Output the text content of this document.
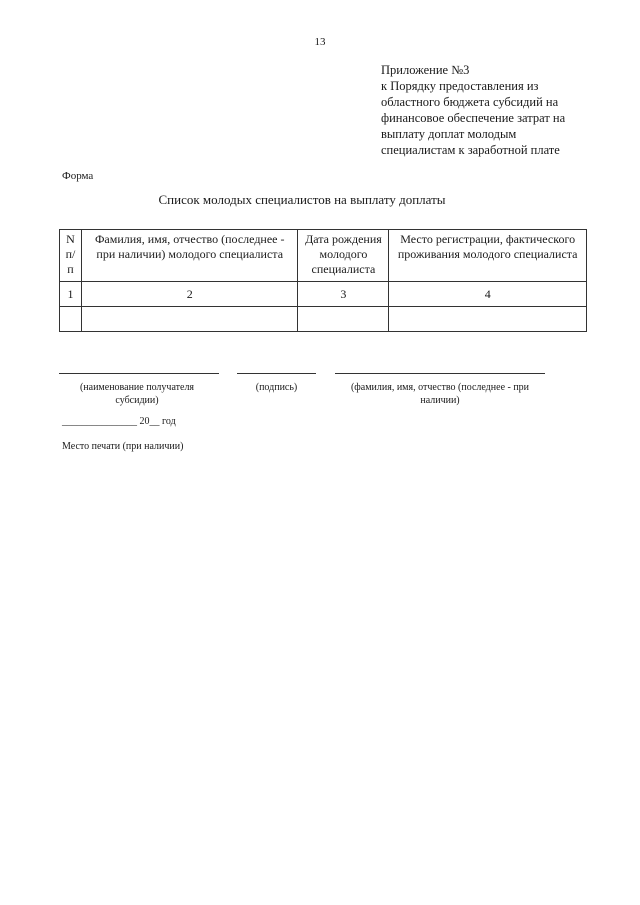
13
Приложение №3
к Порядку предоставления из
областного бюджета субсидий на
финансовое обеспечение затрат на
выплату доплат молодым
специалистам к заработной плате
Форма
Список молодых специалистов на выплату доплаты
N п/п	Фамилия, имя, отчество (последнее - при наличии) молодого специалиста	Дата рождения молодого специалиста	Место регистрации, фактического проживания молодого специалиста
1	2	3	4

(наименование получателя субсидии)
(подпись)	(фамилия, имя, отчество (последнее - при наличии)
_______________ 20__ год
Место печати (при наличии)
